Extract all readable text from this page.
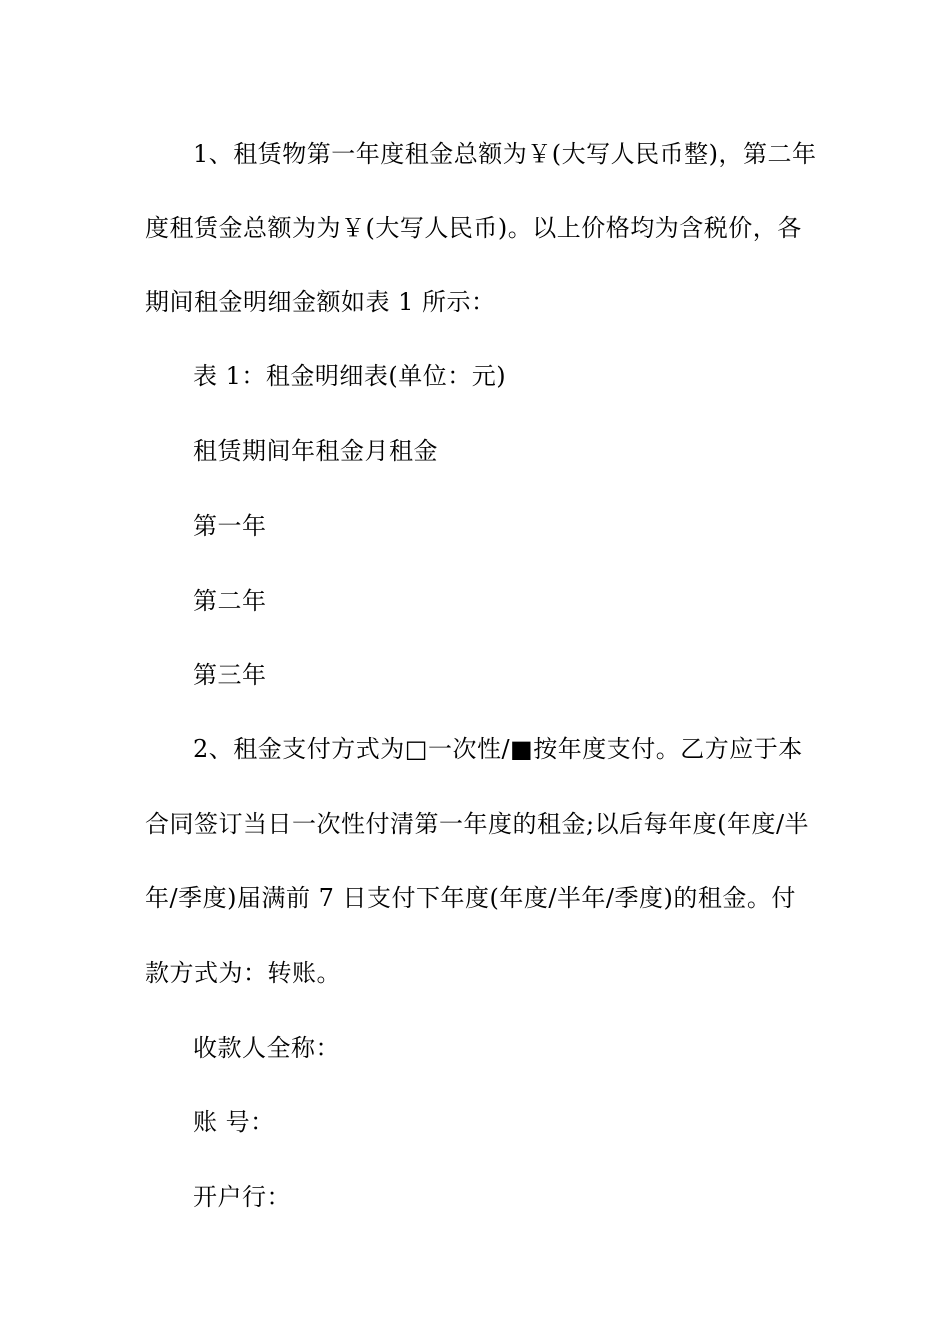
1、租赁物第一年度租金总额为￥(大写人民币整)，第二年
度租赁金总额为为￥(大写人民币)。以上价格均为含税价，各
期间租金明细金额如表 1 所示：
表 1：租金明细表(单位：元)
租赁期间年租金月租金
第一年
第二年
第三年
2、租金支付方式为□一次性/■按年度支付。乙方应于本
合同签订当日一次性付清第一年度的租金;以后每年度(年度/半
年/季度)届满前 7 日支付下年度(年度/半年/季度)的租金。付
款方式为：转账。
收款人全称：
账 号：
开户行：
